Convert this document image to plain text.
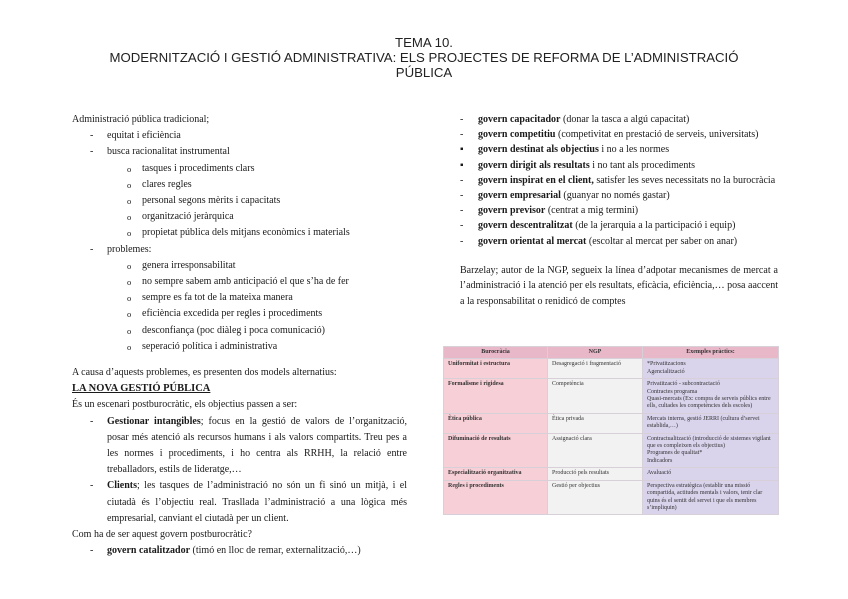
TEMA 10.
MODERNITZACIÓ I GESTIÓ ADMINISTRATIVA: ELS PROJECTES DE REFORMA DE L’ADMINISTRACIÓ
PÚBLICA
Administració pública tradicional;
- equitat i eficiència
- busca racionalitat instrumental
o tasques i procediments clars
o clares regles
o personal segons mèrits i capacitats
o organització jeràrquica
o propietat pública dels mitjans econòmics i materials
- problemes:
o genera irresponsabilitat
o no sempre sabem amb anticipació el que s’ha de fer
o sempre es fa tot de la mateixa manera
o eficiència excedida per regles i procediments
o desconfiança (poc diàleg i poca comunicació)
o seperació política i administrativa
A causa d’aquests problemes, es presenten dos models alternatius:
LA NOVA GESTIÓ PÚBLICA
És un escenari postburocràtic, els objectius passen a ser:
- Gestionar intangibles; focus en la gestió de valors de l’organització, posar més atenció als recursos humans i als valors compartits. Treu pes a les normes i procediments, i ho centra als RRHH, la relació entre treballadors, estils de lideratge,…
- Clients; les tasques de l’administració no són un fi sinó un mitjà, i el ciutadà és l’objectiu real. Trasllada l’administració a una lògica més empresarial, canviant el ciutadà per un client.
Com ha de ser aquest govern postburocràtic?
- govern catalitzador (timó en lloc de remar, externalització,…)
- govern capacitador (donar la tasca a algú capacitat)
- govern competitiu (competivitat en prestació de serveis, universitats)
▪ govern destinat als objectius i no a les normes
▪ govern dirigit als resultats i no tant als procediments
- govern inspirat en el client, satisfer les seves necessitats no la burocràcia
- govern empresarial (guanyar no només gastar)
- govern previsor (centrat a mig termini)
- govern descentralitzat (de la jerarquia a la participació i equip)
- govern orientat al mercat (escoltar al mercat per saber on anar)
Barzelay; autor de la NGP, segueix la línea d’adpotar mecanismes de mercat a l’administració i la atenció per els resultats, eficàcia, eficiència,… posa aaccent a la responsabilitat o renidicó de comptes
Burocràcia	NGP	Exemples pràctics:
Uniformitat i estructura	Desagregació i fragmentació	*Privatitzacions
Agencialització
Formalisme i rigidesa	Competència	Privatització - subcontractació
Contractes programa
Quasi-mercats (Ex: compra de serveis públics entre ells, cultades les competències dels escoles)
Ètica pública	Ètica privada	Mercats interns, gestió JERRI (cultura d’servei establida,…)
Difuminació de resultats	Assignació clara	Contractualització (introducció de sistemes vigilant que es compleixen els objectius)
Programes de qualitat*
Indicadors
Especialització organitzativa	Producció pels resultats	Avaluació
Regles i procediments	Gestió per objectius	Perspectiva estratègica (establir una missió compartida, actitudes mentals i valors, tenir clar quins és el sentit del servei i que els membres s’impliquin)
